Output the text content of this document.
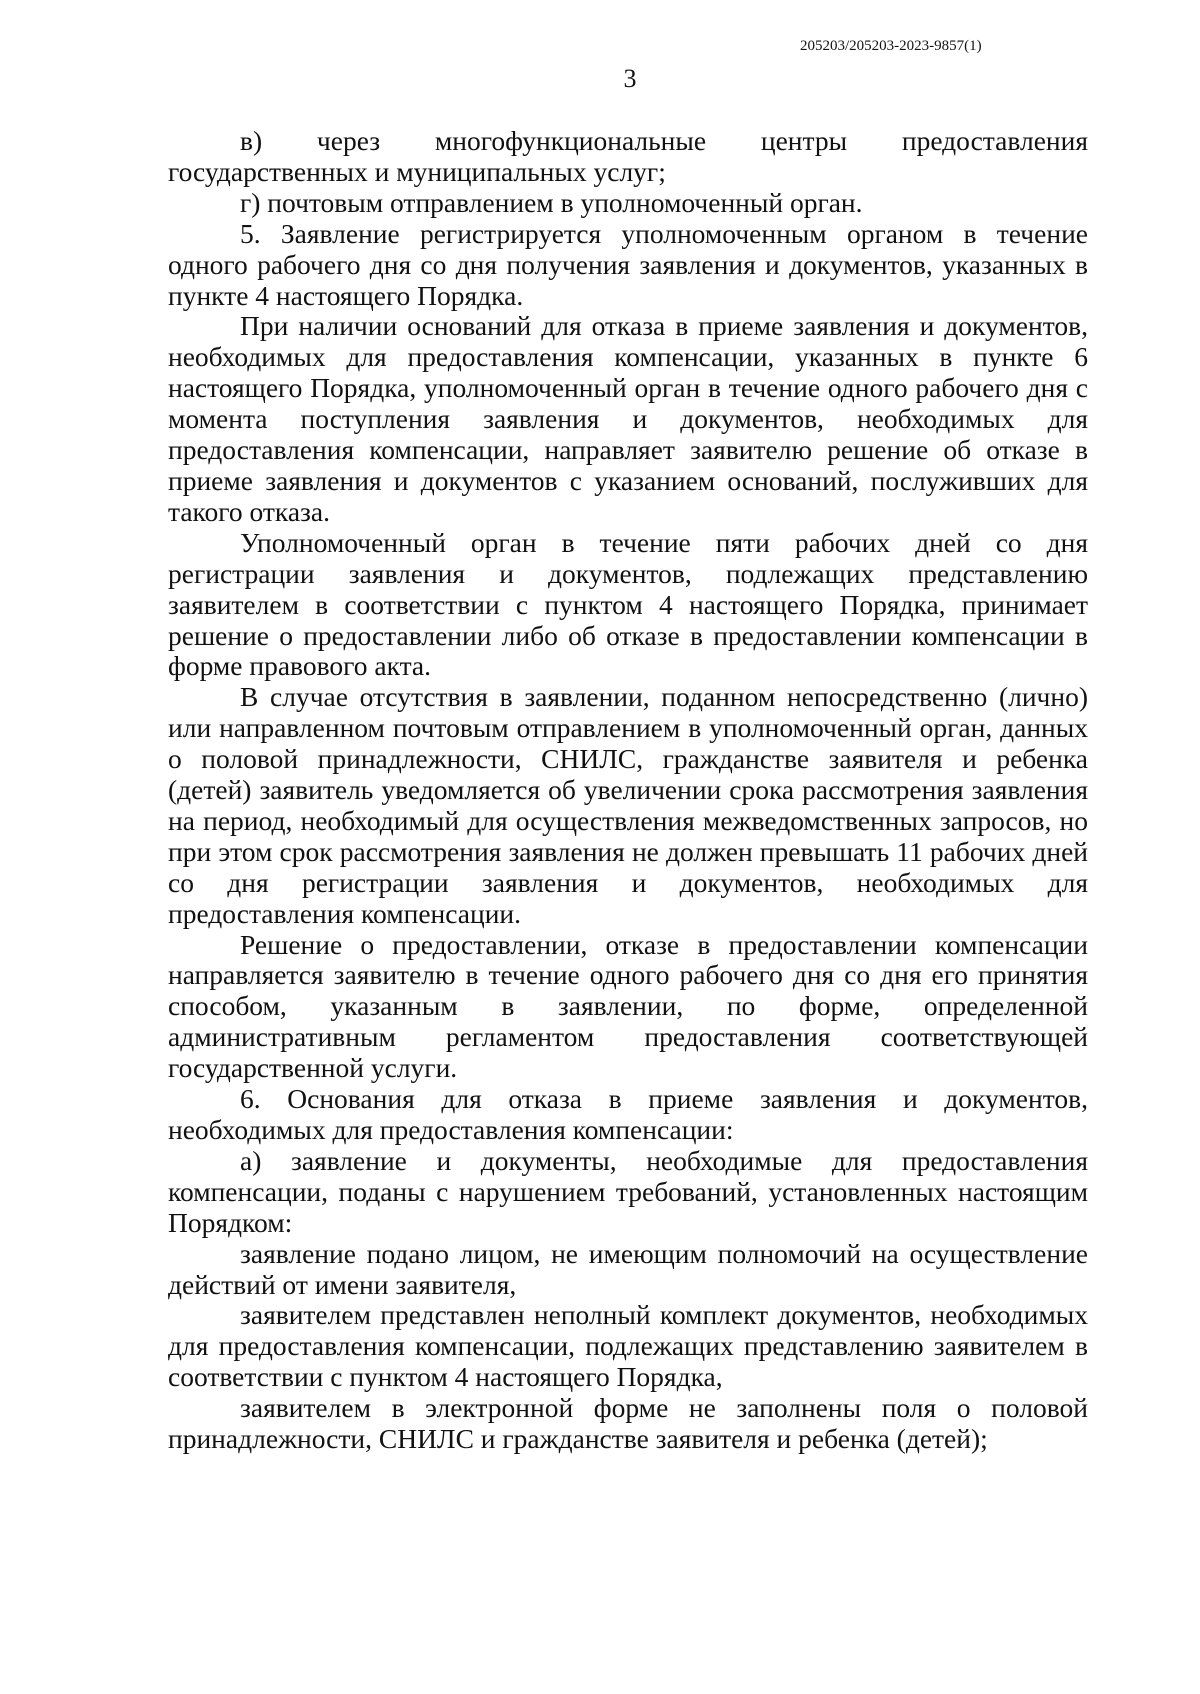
205203/205203-2023-9857(1)
3

в) через многофункциональные центры предоставления государственных и муниципальных услуг;

г) почтовым отправлением в уполномоченный орган.

5. Заявление регистрируется уполномоченным органом в течение одного рабочего дня со дня получения заявления и документов, указанных в пункте 4 настоящего Порядка.

При наличии оснований для отказа в приеме заявления и документов, необходимых для предоставления компенсации, указанных в пункте 6 настоящего Порядка, уполномоченный орган в течение одного рабочего дня с момента поступления заявления и документов, необходимых для предоставления компенсации, направляет заявителю решение об отказе в приеме заявления и документов с указанием оснований, послуживших для такого отказа.

Уполномоченный орган в течение пяти рабочих дней со дня регистрации заявления и документов, подлежащих представлению заявителем в соответствии с пунктом 4 настоящего Порядка, принимает решение о предоставлении либо об отказе в предоставлении компенсации в форме правового акта.

В случае отсутствия в заявлении, поданном непосредственно (лично) или направленном почтовым отправлением в уполномоченный орган, данных о половой принадлежности, СНИЛС, гражданстве заявителя и ребенка (детей) заявитель уведомляется об увеличении срока рассмотрения заявления на период, необходимый для осуществления межведомственных запросов, но при этом срок рассмотрения заявления не должен превышать 11 рабочих дней со дня регистрации заявления и документов, необходимых для предоставления компенсации.

Решение о предоставлении, отказе в предоставлении компенсации направляется заявителю в течение одного рабочего дня со дня его принятия способом, указанным в заявлении, по форме, определенной административным регламентом предоставления соответствующей государственной услуги.

6. Основания для отказа в приеме заявления и документов, необходимых для предоставления компенсации:

а) заявление и документы, необходимые для предоставления компенсации, поданы с нарушением требований, установленных настоящим Порядком:

заявление подано лицом, не имеющим полномочий на осуществление действий от имени заявителя,

заявителем представлен неполный комплект документов, необходимых для предоставления компенсации, подлежащих представлению заявителем в соответствии с пунктом 4 настоящего Порядка,

заявителем в электронной форме не заполнены поля о половой принадлежности, СНИЛС и гражданстве заявителя и ребенка (детей);
